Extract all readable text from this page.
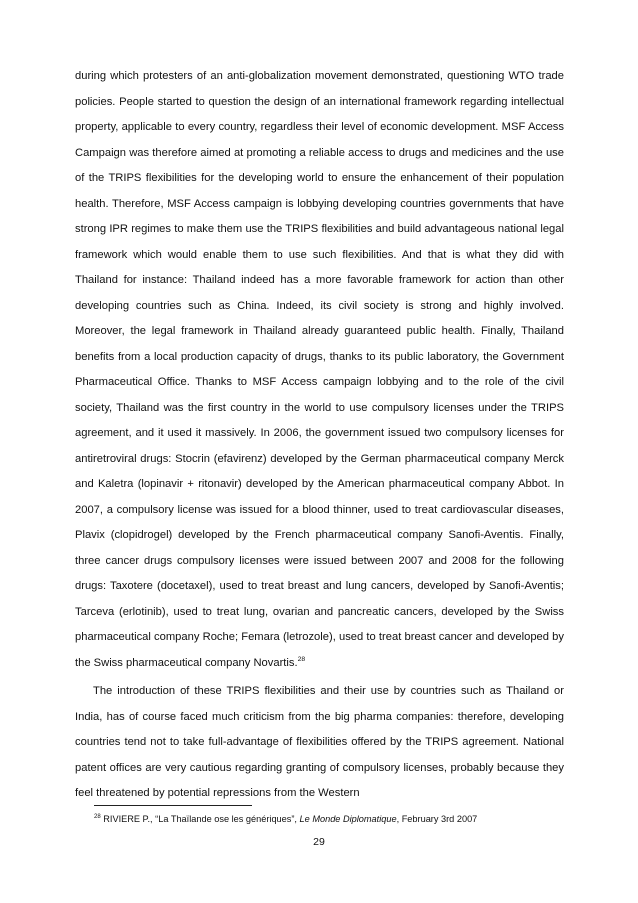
during which protesters of an anti-globalization movement demonstrated, questioning WTO trade policies. People started to question the design of an international framework regarding intellectual property, applicable to every country, regardless their level of economic development. MSF Access Campaign was therefore aimed at promoting a reliable access to drugs and medicines and the use of the TRIPS flexibilities for the developing world to ensure the enhancement of their population health. Therefore, MSF Access campaign is lobbying developing countries governments that have strong IPR regimes to make them use the TRIPS flexibilities and build advantageous national legal framework which would enable them to use such flexibilities. And that is what they did with Thailand for instance: Thailand indeed has a more favorable framework for action than other developing countries such as China. Indeed, its civil society is strong and highly involved. Moreover, the legal framework in Thailand already guaranteed public health. Finally, Thailand benefits from a local production capacity of drugs, thanks to its public laboratory, the Government Pharmaceutical Office. Thanks to MSF Access campaign lobbying and to the role of the civil society, Thailand was the first country in the world to use compulsory licenses under the TRIPS agreement, and it used it massively. In 2006, the government issued two compulsory licenses for antiretroviral drugs: Stocrin (efavirenz) developed by the German pharmaceutical company Merck and Kaletra (lopinavir + ritonavir) developed by the American pharmaceutical company Abbot. In 2007, a compulsory license was issued for a blood thinner, used to treat cardiovascular diseases, Plavix (clopidrogel) developed by the French pharmaceutical company Sanofi-Aventis. Finally, three cancer drugs compulsory licenses were issued between 2007 and 2008 for the following drugs: Taxotere (docetaxel), used to treat breast and lung cancers, developed by Sanofi-Aventis; Tarceva (erlotinib), used to treat lung, ovarian and pancreatic cancers, developed by the Swiss pharmaceutical company Roche; Femara (letrozole), used to treat breast cancer and developed by the Swiss pharmaceutical company Novartis.$^{28}$

The introduction of these TRIPS flexibilities and their use by countries such as Thailand or India, has of course faced much criticism from the big pharma companies: therefore, developing countries tend not to take full-advantage of flexibilities offered by the TRIPS agreement. National patent offices are very cautious regarding granting of compulsory licenses, probably because they feel threatened by potential repressions from the Western

$^{28}$ RIVIERE P., “La Thaïlande ose les génériques”, Le Monde Diplomatique, February 3rd 2007
29
